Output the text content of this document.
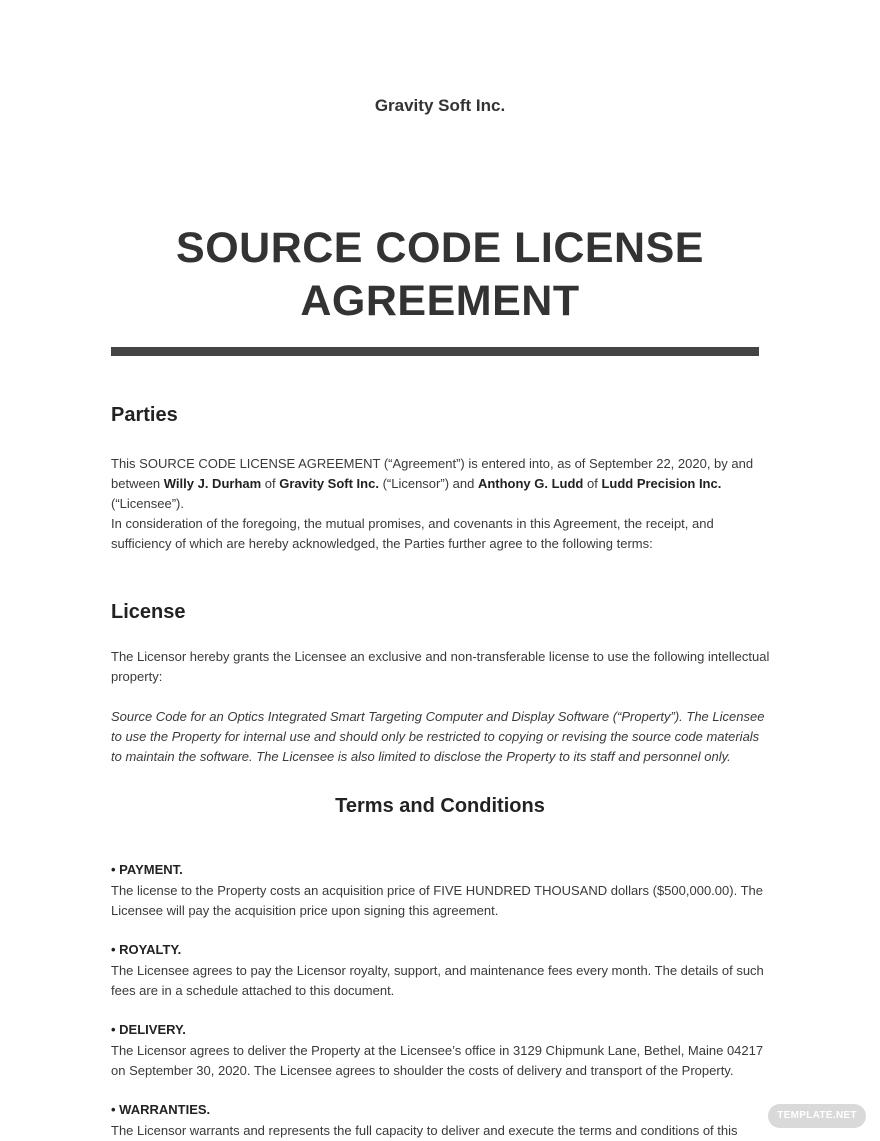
Gravity Soft Inc.
SOURCE CODE LICENSE
AGREEMENT
Parties

This SOURCE CODE LICENSE AGREEMENT (“Agreement”) is entered into, as of September 22, 2020, by and between Willy J. Durham of Gravity Soft Inc. (“Licensor”) and Anthony G. Ludd of Ludd Precision Inc. (“Licensee”).

In consideration of the foregoing, the mutual promises, and covenants in this Agreement, the receipt, and sufficiency of which are hereby acknowledged, the Parties further agree to the following terms:

License

The Licensor hereby grants the Licensee an exclusive and non-transferable license to use the following intellectual property:

Source Code for an Optics Integrated Smart Targeting Computer and Display Software (“Property”). The Licensee to use the Property for internal use and should only be restricted to copying or revising the source code materials to maintain the software. The Licensee is also limited to disclose the Property to its staff and personnel only.

Terms and Conditions
• PAYMENT.

The license to the Property costs an acquisition price of FIVE HUNDRED THOUSAND dollars ($500,000.00). The Licensee will pay the acquisition price upon signing this agreement.

• ROYALTY.

The Licensee agrees to pay the Licensor royalty, support, and maintenance fees every month. The details of such fees are in a schedule attached to this document.

• DELIVERY.

The Licensor agrees to deliver the Property at the Licensee’s office in 3129 Chipmunk Lane, Bethel, Maine 04217 on September 30, 2020. The Licensee agrees to shoulder the costs of delivery and transport of the Property.

• WARRANTIES.

The Licensor warrants and represents the full capacity to deliver and execute the terms and conditions of this

TEMPLATE.NET
